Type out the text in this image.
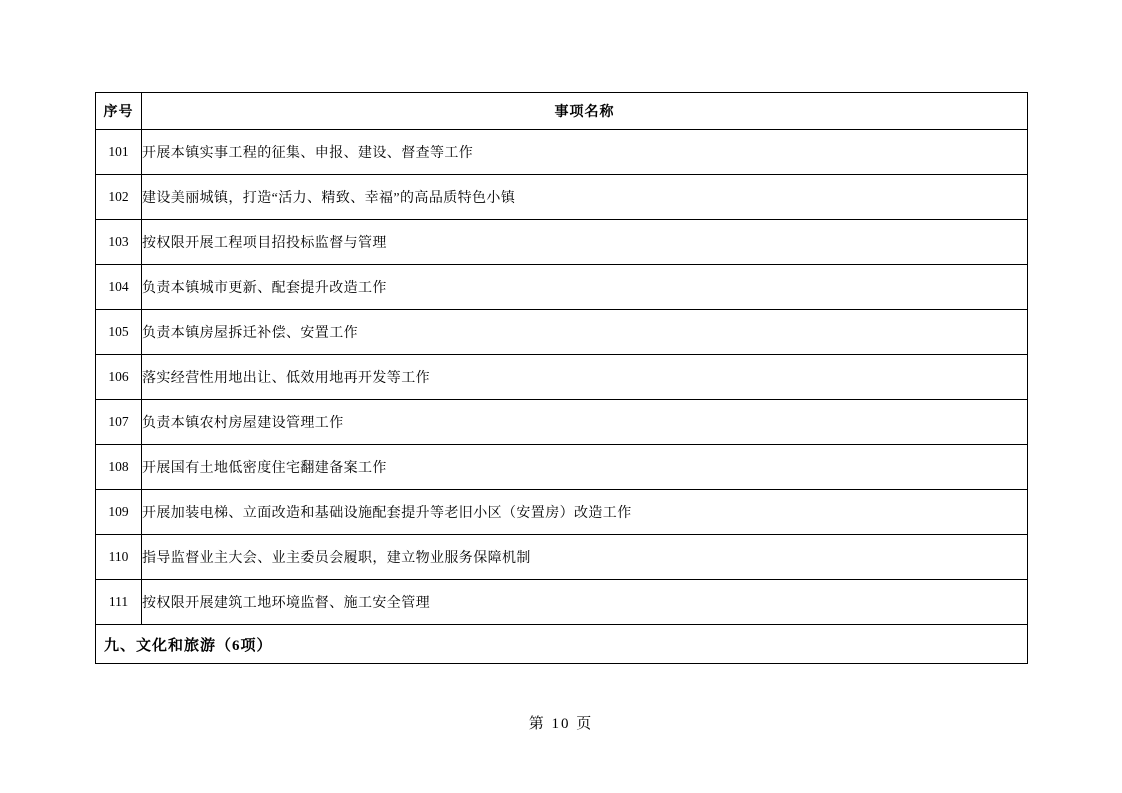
序号	事项名称
101	开展本镇实事工程的征集、申报、建设、督查等工作
102	建设美丽城镇，打造“活力、精致、幸福”的高品质特色小镇
103	按权限开展工程项目招投标监督与管理
104	负责本镇城市更新、配套提升改造工作
105	负责本镇房屋拆迁补偿、安置工作
106	落实经营性用地出让、低效用地再开发等工作
107	负责本镇农村房屋建设管理工作
108	开展国有土地低密度住宅翻建备案工作
109	开展加装电梯、立面改造和基础设施配套提升等老旧小区（安置房）改造工作
110	指导监督业主大会、业主委员会履职，建立物业服务保障机制
111	按权限开展建筑工地环境监督、施工安全管理
九、文化和旅游（6项）	
第 10 页
